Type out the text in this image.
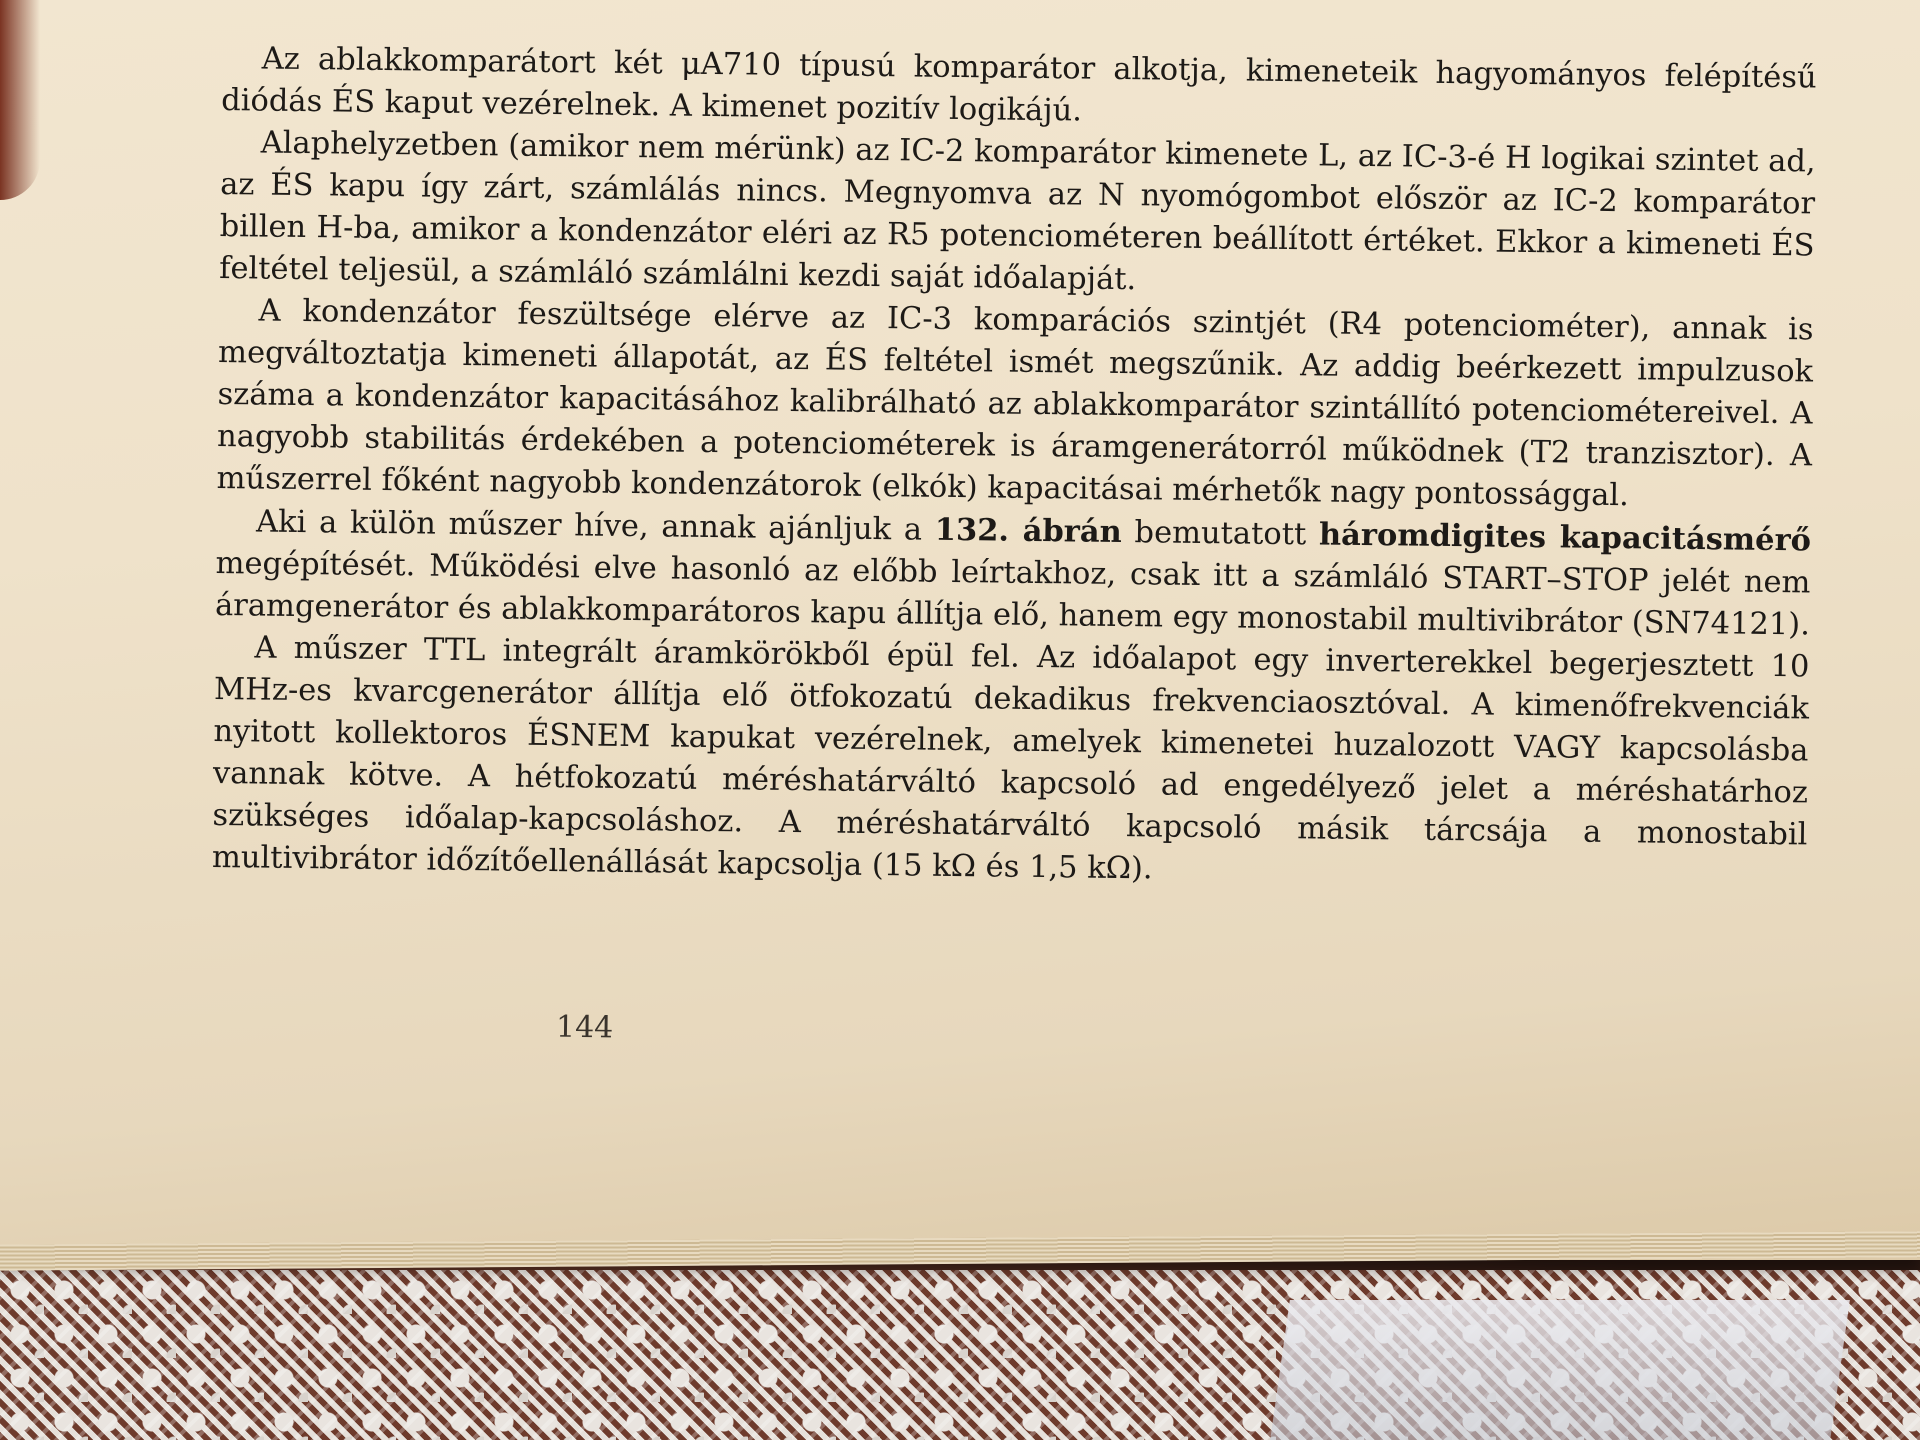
Az ablakkomparátort két μA710 típusú komparátor alkotja, kimeneteik hagyományos felépítésű diódás ÉS kaput vezérelnek. A kimenet pozitív logikájú.

Alaphelyzetben (amikor nem mérünk) az IC-2 komparátor kimenete L, az IC-3-é H logikai szintet ad, az ÉS kapu így zárt, számlálás nincs. Megnyomva az N nyomógombot először az IC-2 komparátor billen H-ba, amikor a kondenzátor eléri az R5 potenciométeren beállított értéket. Ekkor a kimeneti ÉS feltétel teljesül, a számláló számlálni kezdi saját időalapját.

A kondenzátor feszültsége elérve az IC-3 komparációs szintjét (R4 potenciométer), annak is megváltoztatja kimeneti állapotát, az ÉS feltétel ismét megszűnik. Az addig beérkezett impulzusok száma a kondenzátor kapacitásához kalibrálható az ablakkomparátor szintállító potenciométereivel. A nagyobb stabilitás érdekében a potenciométerek is áramgenerátorról működnek (T2 tranzisztor). A műszerrel főként nagyobb kondenzátorok (elkók) kapacitásai mérhetők nagy pontossággal.

Aki a külön műszer híve, annak ajánljuk a 132. ábrán bemutatott háromdigites kapacitásmérő megépítését. Működési elve hasonló az előbb leírtakhoz, csak itt a számláló START–STOP jelét nem áramgenerátor és ablakkomparátoros kapu állítja elő, hanem egy monostabil multivibrátor (SN74121).

A műszer TTL integrált áramkörökből épül fel. Az időalapot egy inverterekkel begerjesztett 10 MHz-es kvarcgenerátor állítja elő ötfokozatú dekadikus frekvenciaosztóval. A kimenőfrekvenciák nyitott kollektoros ÉSNEM kapukat vezérelnek, amelyek kimenetei huzalozott VAGY kapcsolásba vannak kötve. A hétfokozatú méréshatárváltó kapcsoló ad engedélyező jelet a méréshatárhoz szükséges időalap-kapcsoláshoz. A méréshatárváltó kapcsoló másik tárcsája a monostabil multivibrátor időzítőellenállását kapcsolja (15 kΩ és 1,5 kΩ).

144
